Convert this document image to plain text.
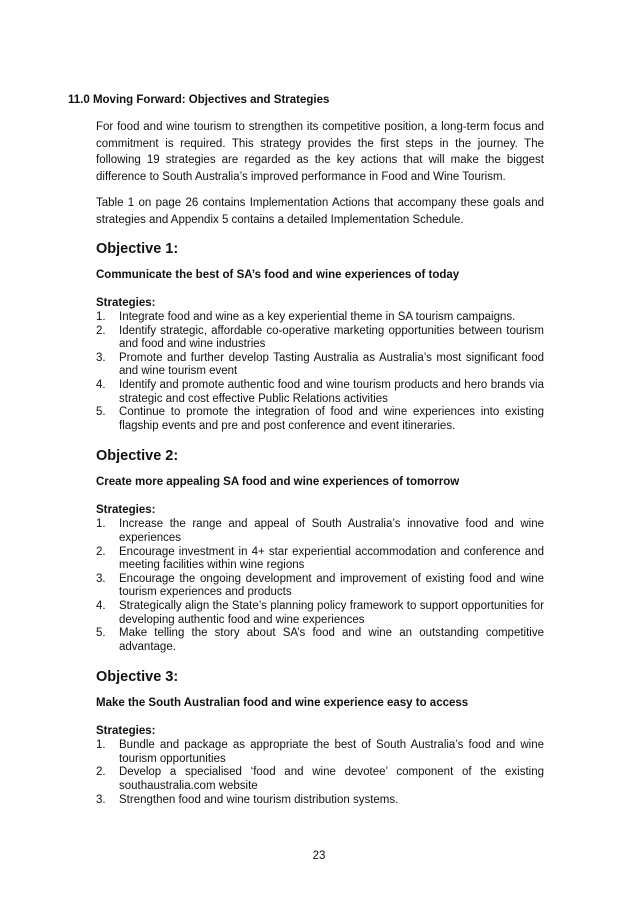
11.0 Moving Forward: Objectives and Strategies

For food and wine tourism to strengthen its competitive position, a long-term focus and commitment is required. This strategy provides the first steps in the journey. The following 19 strategies are regarded as the key actions that will make the biggest difference to South Australia’s improved performance in Food and Wine Tourism.

Table 1 on page 26 contains Implementation Actions that accompany these goals and strategies and Appendix 5 contains a detailed Implementation Schedule.

Objective 1:
Communicate the best of SA’s food and wine experiences of today
Strategies:
1. Integrate food and wine as a key experiential theme in SA tourism campaigns.
2. Identify strategic, affordable co-operative marketing opportunities between tourism and food and wine industries
3. Promote and further develop Tasting Australia as Australia’s most significant food and wine tourism event
4. Identify and promote authentic food and wine tourism products and hero brands via strategic and cost effective Public Relations activities
5. Continue to promote the integration of food and wine experiences into existing flagship events and pre and post conference and event itineraries.
Objective 2:
Create more appealing SA food and wine experiences of tomorrow
Strategies:
1. Increase the range and appeal of South Australia’s innovative food and wine experiences
2. Encourage investment in 4+ star experiential accommodation and conference and meeting facilities within wine regions
3. Encourage the ongoing development and improvement of existing food and wine tourism experiences and products
4. Strategically align the State’s planning policy framework to support opportunities for developing authentic food and wine experiences
5. Make telling the story about SA’s food and wine an outstanding competitive advantage.
Objective 3:
Make the South Australian food and wine experience easy to access
Strategies:
1. Bundle and package as appropriate the best of South Australia’s food and wine tourism opportunities
2. Develop a specialised ‘food and wine devotee’ component of the existing southaustralia.com website
3. Strengthen food and wine tourism distribution systems.
23
